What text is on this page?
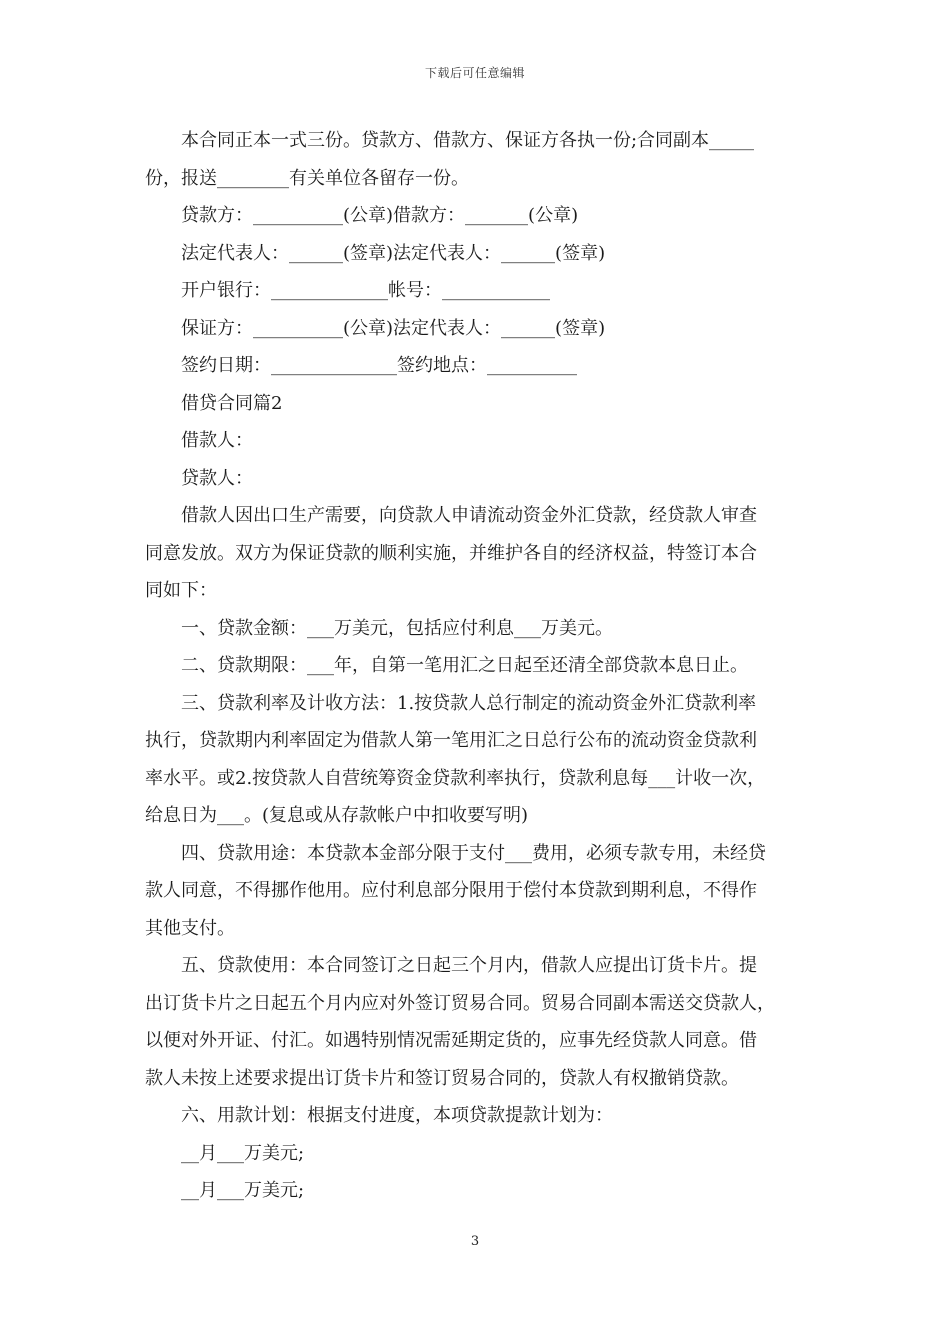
下载后可任意编辑
本合同正本一式三份。贷款方、借款方、保证方各执一份;合同副本_____
份，报送________有关单位各留存一份。
贷款方：__________(公章)借款方：_______(公章)
法定代表人：______(签章)法定代表人：______(签章)
开户银行：_____________帐号：____________
保证方：__________(公章)法定代表人：______(签章)
签约日期：______________签约地点：__________
借贷合同篇2
借款人：
贷款人：
借款人因出口生产需要，向贷款人申请流动资金外汇贷款，经贷款人审查
同意发放。双方为保证贷款的顺利实施，并维护各自的经济权益，特签订本合
同如下：
一、贷款金额：___万美元，包括应付利息___万美元。
二、贷款期限：___年，自第一笔用汇之日起至还清全部贷款本息日止。
三、贷款利率及计收方法：1.按贷款人总行制定的流动资金外汇贷款利率
执行，贷款期内利率固定为借款人第一笔用汇之日总行公布的流动资金贷款利
率水平。或2.按贷款人自营统筹资金贷款利率执行，贷款利息每___计收一次，
给息日为___。(复息或从存款帐户中扣收要写明)
四、贷款用途：本贷款本金部分限于支付___费用，必须专款专用，未经贷
款人同意，不得挪作他用。应付利息部分限用于偿付本贷款到期利息，不得作
其他支付。
五、贷款使用：本合同签订之日起三个月内，借款人应提出订货卡片。提
出订货卡片之日起五个月内应对外签订贸易合同。贸易合同副本需送交贷款人，
以便对外开证、付汇。如遇特别情况需延期定货的，应事先经贷款人同意。借
款人未按上述要求提出订货卡片和签订贸易合同的，贷款人有权撤销贷款。
六、用款计划：根据支付进度，本项贷款提款计划为：
__月___万美元;
__月___万美元;
3
